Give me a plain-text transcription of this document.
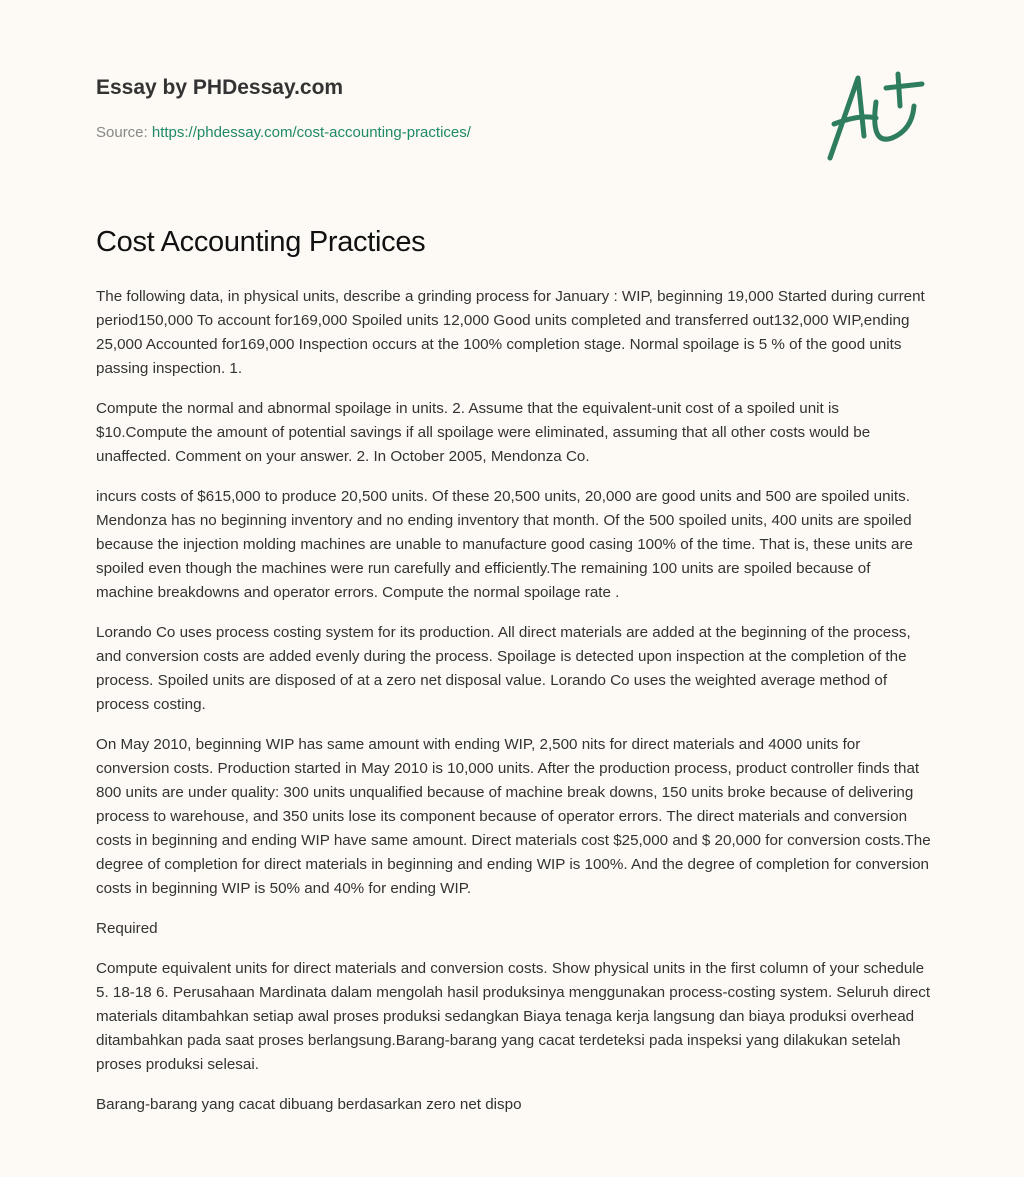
Essay by PHDessay.com
Source: https://phdessay.com/cost-accounting-practices/
Cost Accounting Practices

The following data, in physical units, describe a grinding process for January : WIP, beginning 19,000 Started during current period150,000 To account for169,000 Spoiled units 12,000 Good units completed and transferred out132,000 WIP,ending 25,000 Accounted for169,000 Inspection occurs at the 100% completion stage. Normal spoilage is 5 % of the good units passing inspection. 1.

Compute the normal and abnormal spoilage in units. 2. Assume that the equivalent-unit cost of a spoiled unit is $10.Compute the amount of potential savings if all spoilage were eliminated, assuming that all other costs would be unaffected. Comment on your answer. 2. In October 2005, Mendonza Co.

incurs costs of $615,000 to produce 20,500 units. Of these 20,500 units, 20,000 are good units and 500 are spoiled units. Mendonza has no beginning inventory and no ending inventory that month. Of the 500 spoiled units, 400 units are spoiled because the injection molding machines are unable to manufacture good casing 100% of the time. That is, these units are spoiled even though the machines were run carefully and efficiently.The remaining 100 units are spoiled because of machine breakdowns and operator errors. Compute the normal spoilage rate .

Lorando Co uses process costing system for its production. All direct materials are added at the beginning of the process, and conversion costs are added evenly during the process. Spoilage is detected upon inspection at the completion of the process. Spoiled units are disposed of at a zero net disposal value. Lorando Co uses the weighted average method of process costing.

On May 2010, beginning WIP has same amount with ending WIP, 2,500 nits for direct materials and 4000 units for conversion costs. Production started in May 2010 is 10,000 units. After the production process, product controller finds that 800 units are under quality: 300 units unqualified because of machine break downs, 150 units broke because of delivering process to warehouse, and 350 units lose its component because of operator errors. The direct materials and conversion costs in beginning and ending WIP have same amount. Direct materials cost $25,000 and $ 20,000 for conversion costs.The degree of completion for direct materials in beginning and ending WIP is 100%. And the degree of completion for conversion costs in beginning WIP is 50% and 40% for ending WIP.

Required

Compute equivalent units for direct materials and conversion costs. Show physical units in the first column of your schedule 5. 18-18 6. Perusahaan Mardinata dalam mengolah hasil produksinya menggunakan process-costing system. Seluruh direct materials ditambahkan setiap awal proses produksi sedangkan Biaya tenaga kerja langsung dan biaya produksi overhead ditambahkan pada saat proses berlangsung.Barang-barang yang cacat terdeteksi pada inspeksi yang dilakukan setelah proses produksi selesai.

Barang-barang yang cacat dibuang berdasarkan zero net dispo
